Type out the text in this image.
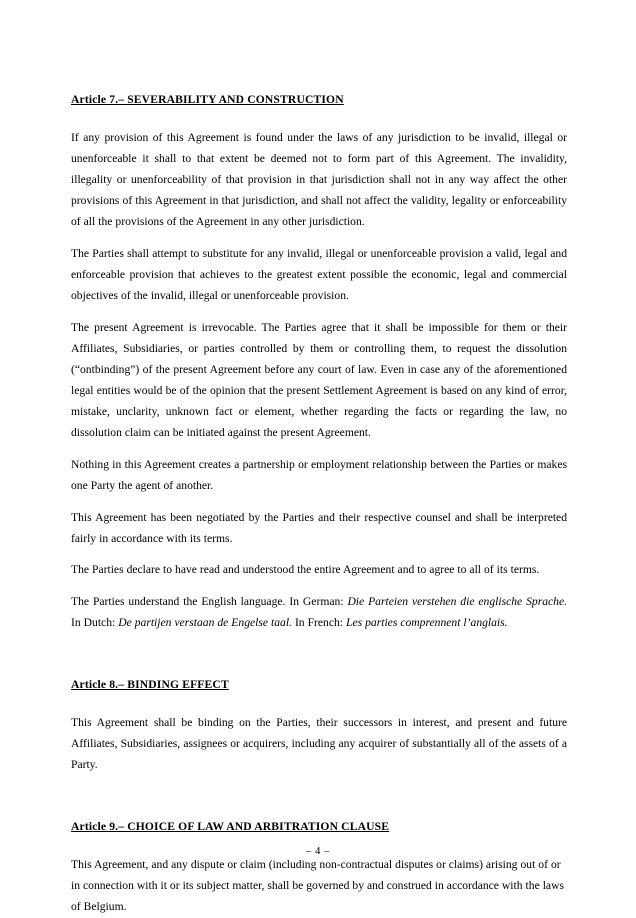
Article 7.– SEVERABILITY AND CONSTRUCTION

If any provision of this Agreement is found under the laws of any jurisdiction to be invalid, illegal or unenforceable it shall to that extent be deemed not to form part of this Agreement. The invalidity, illegality or unenforceability of that provision in that jurisdiction shall not in any way affect the other provisions of this Agreement in that jurisdiction, and shall not affect the validity, legality or enforceability of all the provisions of the Agreement in any other jurisdiction.

The Parties shall attempt to substitute for any invalid, illegal or unenforceable provision a valid, legal and enforceable provision that achieves to the greatest extent possible the economic, legal and commercial objectives of the invalid, illegal or unenforceable provision.

The present Agreement is irrevocable. The Parties agree that it shall be impossible for them or their Affiliates, Subsidiaries, or parties controlled by them or controlling them, to request the dissolution (“ontbinding”) of the present Agreement before any court of law. Even in case any of the aforementioned legal entities would be of the opinion that the present Settlement Agreement is based on any kind of error, mistake, unclarity, unknown fact or element, whether regarding the facts or regarding the law, no dissolution claim can be initiated against the present Agreement.

Nothing in this Agreement creates a partnership or employment relationship between the Parties or makes one Party the agent of another.

This Agreement has been negotiated by the Parties and their respective counsel and shall be interpreted fairly in accordance with its terms.

The Parties declare to have read and understood the entire Agreement and to agree to all of its terms.

The Parties understand the English language. In German: Die Parteien verstehen die englische Sprache. In Dutch: De partijen verstaan de Engelse taal. In French: Les parties comprennent l’anglais.

Article 8.– BINDING EFFECT

This Agreement shall be binding on the Parties, their successors in interest, and present and future Affiliates, Subsidiaries, assignees or acquirers, including any acquirer of substantially all of the assets of a Party.

Article 9.– CHOICE OF LAW AND ARBITRATION CLAUSE

This Agreement, and any dispute or claim (including non-contractual disputes or claims) arising out of or in connection with it or its subject matter, shall be governed by and construed in accordance with the laws of Belgium.

– 4 –
